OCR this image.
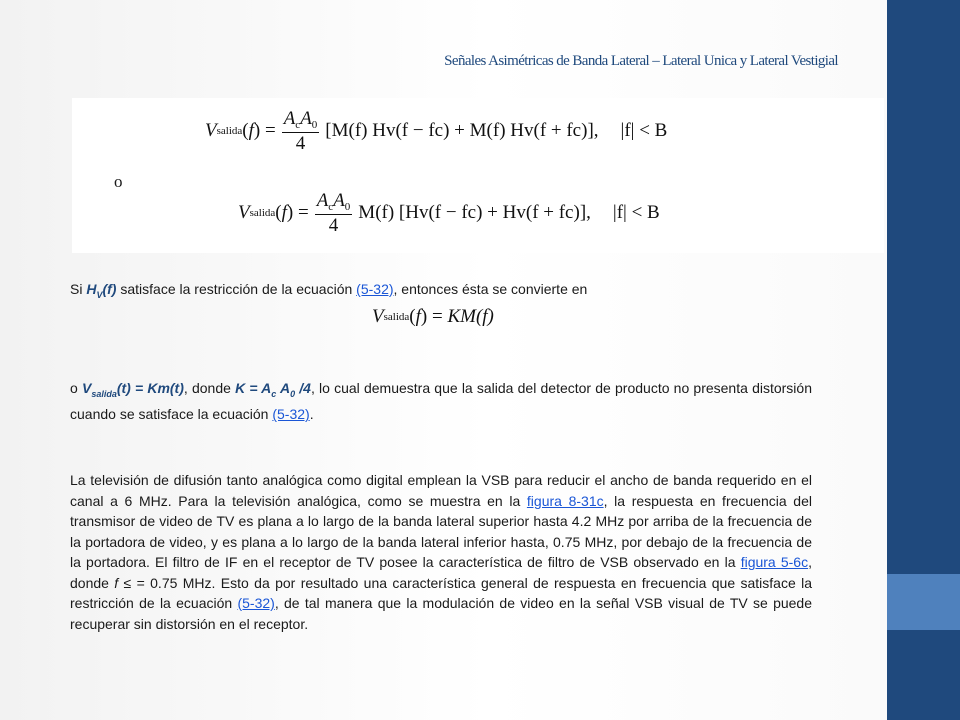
Señales Asimétricas de Banda Lateral – Lateral Unica y Lateral Vestigial
V salida $(f) = \frac{A_cA_0}{4} [M(f) Hv(f - fc) + M(f) Hv(f + fc)]$, |f| < B
o
V salida $(f) = \frac{A_cA_0}{4} M(f) [Hv(f - fc) + Hv(f + fc)]$, |f| < B
Si $H_V(f)$ satisface la restricción de la ecuación (5-32), entonces ésta se convierte en
V salida (f) = KM(f)
o $V_{salida}(t) = Km(t)$, donde $K = A_c$ $A_0$ /4, lo cual demuestra que la salida del detector de producto no presenta distorsión cuando se satisface la ecuación (5-32).
La televisión de difusión tanto analógica como digital emplean la VSB para reducir el ancho de banda requerido en el canal a 6 MHz. Para la televisión analógica, como se muestra en la figura 8-31c, la respuesta en frecuencia del transmisor de video de TV es plana a lo largo de la banda lateral superior hasta 4.2 MHz por arriba de la frecuencia de la portadora de video, y es plana a lo largo de la banda lateral inferior hasta, 0.75 MHz, por debajo de la frecuencia de la portadora. El filtro de IF en el receptor de TV posee la característica de filtro de VSB observado en la figura 5-6c, donde f ≤ = 0.75 MHz. Esto da por resultado una característica general de respuesta en frecuencia que satisface la restricción de la ecuación (5-32), de tal manera que la modulación de video en la señal VSB visual de TV se puede recuperar sin distorsión en el receptor.
